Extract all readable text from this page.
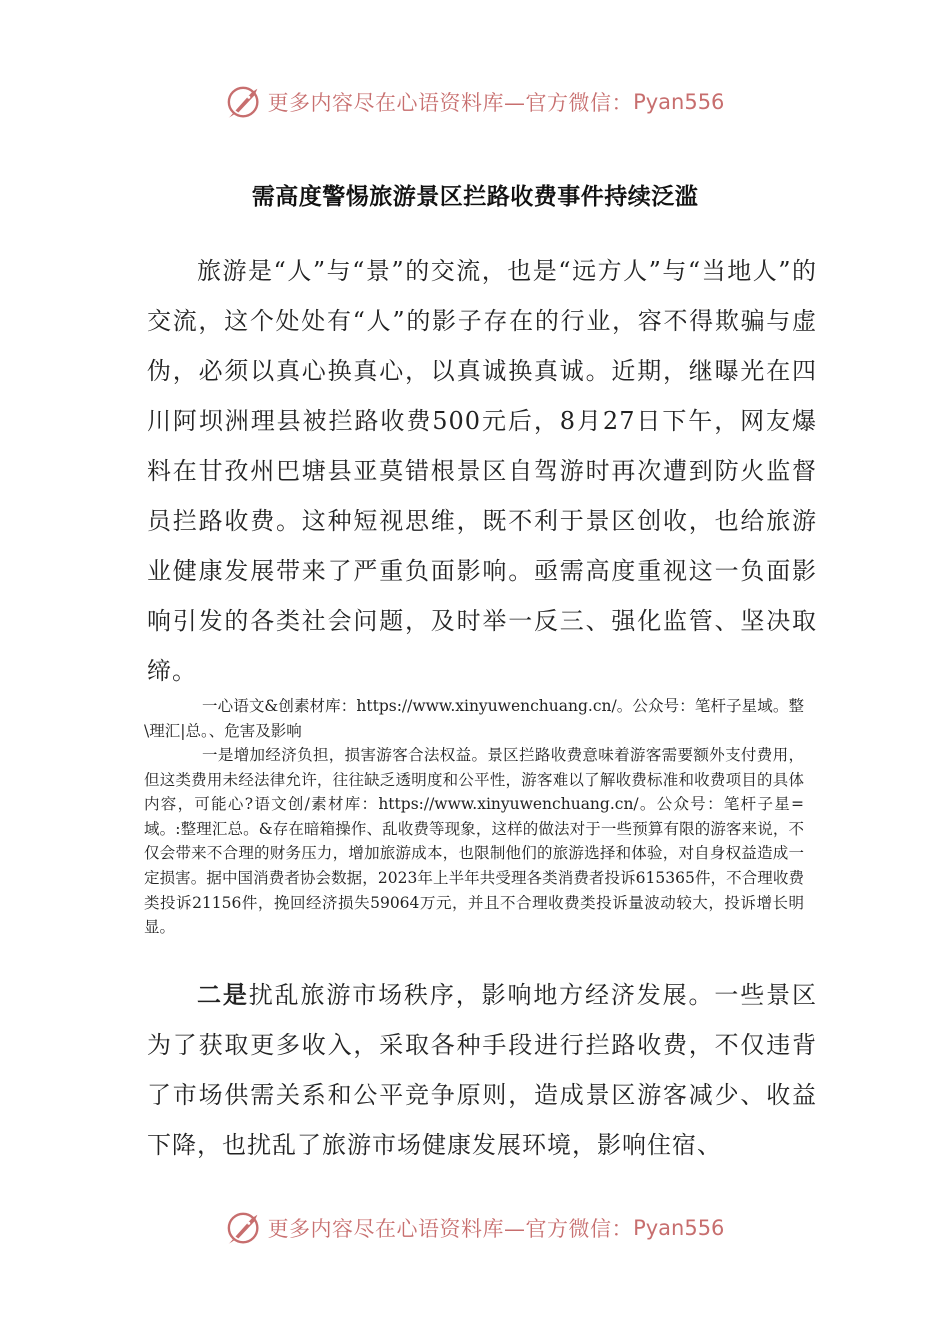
更多内容尽在心语资料库—官方微信： Pyan556
需高度警惕旅游景区拦路收费事件持续泛滥

旅游是“人”与“景”的交流，也是“远方人”与“当地人”的交流，这个处处有“人”的影子存在的行业，容不得欺骗与虚伪，必须以真心换真心，以真诚换真诚。近期，继曝光在四川阿坝洲理县被拦路收费500元后，8月27日下午，网友爆料在甘孜州巴塘县亚莫错根景区自驾游时再次遭到防火监督员拦路收费。这种短视思维，既不利于景区创收，也给旅游业健康发展带来了严重负面影响。亟需高度重视这一负面影响引发的各类社会问题，及时举一反三、强化监管、坚决取缔。

一心语文&创素材库：https://www.xinyuwenchuang.cn/。公众号：笔杆子星域。整\理汇|总。、危害及影响

一是增加经济负担，损害游客合法权益。景区拦路收费意味着游客需要额外支付费用，但这类费用未经法律允许，往往缺乏透明度和公平性，游客难以了解收费标准和收费项目的具体内容，可能心?语文创/素材库：https://www.xinyuwenchuang.cn/。公众号：笔杆子星=域。:整理汇总。&存在暗箱操作、乱收费等现象，这样的做法对于一些预算有限的游客来说，不仅会带来不合理的财务压力，增加旅游成本，也限制他们的旅游选择和体验，对自身权益造成一定损害。据中国消费者协会数据，2023年上半年共受理各类消费者投诉615365件，不合理收费类投诉21156件，挽回经济损失59064万元，并且不合理收费类投诉量波动较大，投诉增长明显。

二是扰乱旅游市场秩序，影响地方经济发展。一些景区为了获取更多收入，采取各种手段进行拦路收费，不仅违背了市场供需关系和公平竞争原则，造成景区游客减少、收益下降，也扰乱了旅游市场健康发展环境，影响住宿、

更多内容尽在心语资料库—官方微信： Pyan556
